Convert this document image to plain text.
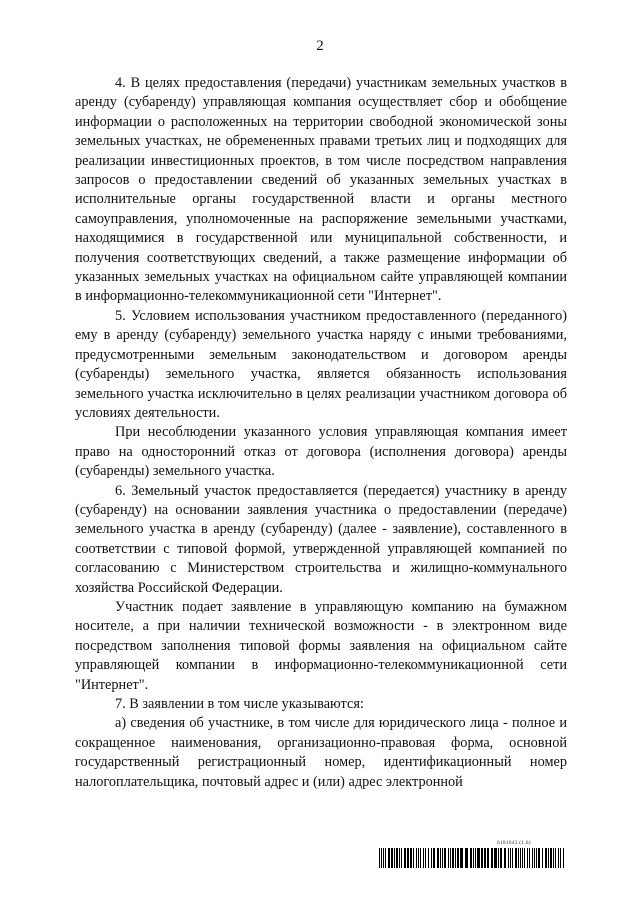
2

4. В целях предоставления (передачи) участникам земельных участков в аренду (субаренду) управляющая компания осуществляет сбор и обобщение информации о расположенных на территории свободной экономической зоны земельных участках, не обремененных правами третьих лиц и подходящих для реализации инвестиционных проектов, в том числе посредством направления запросов о предоставлении сведений об указанных земельных участках в исполнительные органы государственной власти и органы местного самоуправления, уполномоченные на распоряжение земельными участками, находящимися в государственной или муниципальной собственности, и получения соответствующих сведений, а также размещение информации об указанных земельных участках на официальном сайте управляющей компании в информационно-телекоммуникационной сети "Интернет".

5. Условием использования участником предоставленного (переданного) ему в аренду (субаренду) земельного участка наряду с иными требованиями, предусмотренными земельным законодательством и договором аренды (субаренды) земельного участка, является обязанность использования земельного участка исключительно в целях реализации участником договора об условиях деятельности.

При несоблюдении указанного условия управляющая компания имеет право на односторонний отказ от договора (исполнения договора) аренды (субаренды) земельного участка.

6. Земельный участок предоставляется (передается) участнику в аренду (субаренду) на основании заявления участника о предоставлении (передаче) земельного участка в аренду (субаренду) (далее - заявление), составленного в соответствии с типовой формой, утвержденной управляющей компанией по согласованию с Министерством строительства и жилищно-коммунального хозяйства Российской Федерации.

Участник подает заявление в управляющую компанию на бумажном носителе, а при наличии технической возможности - в электронном виде посредством заполнения типовой формы заявления на официальном сайте управляющей компании в информационно-телекоммуникационной сети "Интернет".

7. В заявлении в том числе указываются:

а) сведения об участнике, в том числе для юридического лица - полное и сокращенное наименования, организационно-правовая форма, основной государственный регистрационный номер, идентификационный номер налогоплательщика, почтовый адрес и (или) адрес электронной

6181643 (1.6)
